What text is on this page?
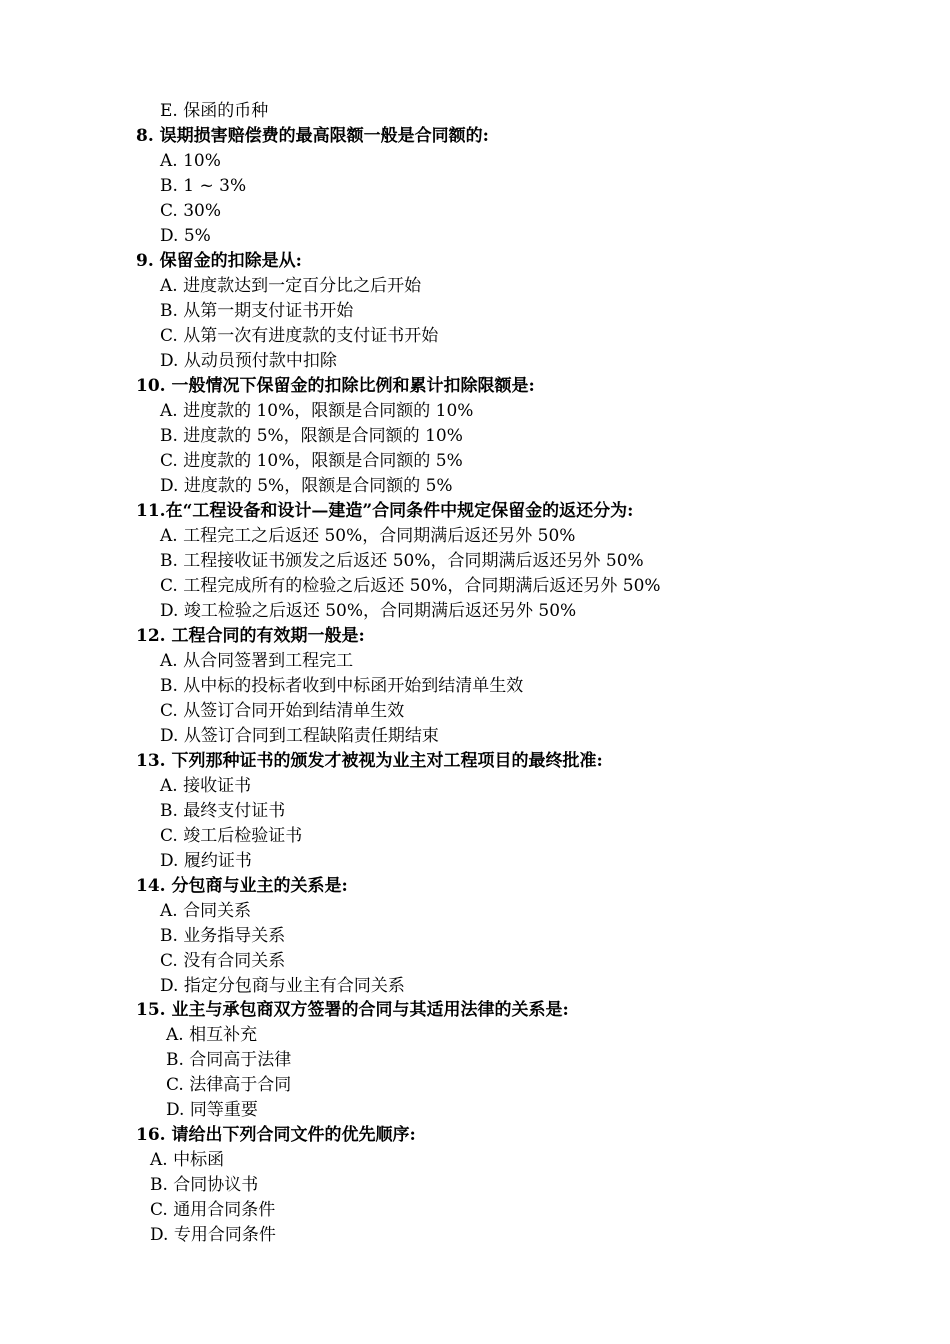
E. 保函的币种
8. 误期损害赔偿费的最高限额一般是合同额的:
A. 10%
B. 1 ~ 3%
C. 30%
D. 5%
9. 保留金的扣除是从:
A. 进度款达到一定百分比之后开始
B. 从第一期支付证书开始
C. 从第一次有进度款的支付证书开始
D. 从动员预付款中扣除
10. 一般情况下保留金的扣除比例和累计扣除限额是:
A. 进度款的 10%，限额是合同额的 10%
B. 进度款的 5%，限额是合同额的 10%
C. 进度款的 10%，限额是合同额的 5%
D. 进度款的 5%，限额是合同额的 5%
11.在“工程设备和设计—建造”合同条件中规定保留金的返还分为:
A. 工程完工之后返还 50%，合同期满后返还另外 50%
B. 工程接收证书颁发之后返还 50%，合同期满后返还另外 50%
C. 工程完成所有的检验之后返还 50%，合同期满后返还另外 50%
D. 竣工检验之后返还 50%，合同期满后返还另外 50%
12. 工程合同的有效期一般是:
A. 从合同签署到工程完工
B. 从中标的投标者收到中标函开始到结清单生效
C. 从签订合同开始到结清单生效
D. 从签订合同到工程缺陷责任期结束
13. 下列那种证书的颁发才被视为业主对工程项目的最终批准:
A. 接收证书
B. 最终支付证书
C. 竣工后检验证书
D. 履约证书
14. 分包商与业主的关系是:
A. 合同关系
B. 业务指导关系
C. 没有合同关系
D. 指定分包商与业主有合同关系
15. 业主与承包商双方签署的合同与其适用法律的关系是:
A. 相互补充
B. 合同高于法律
C. 法律高于合同
D. 同等重要
16. 请给出下列合同文件的优先顺序:
A. 中标函
B. 合同协议书
C. 通用合同条件
D. 专用合同条件
